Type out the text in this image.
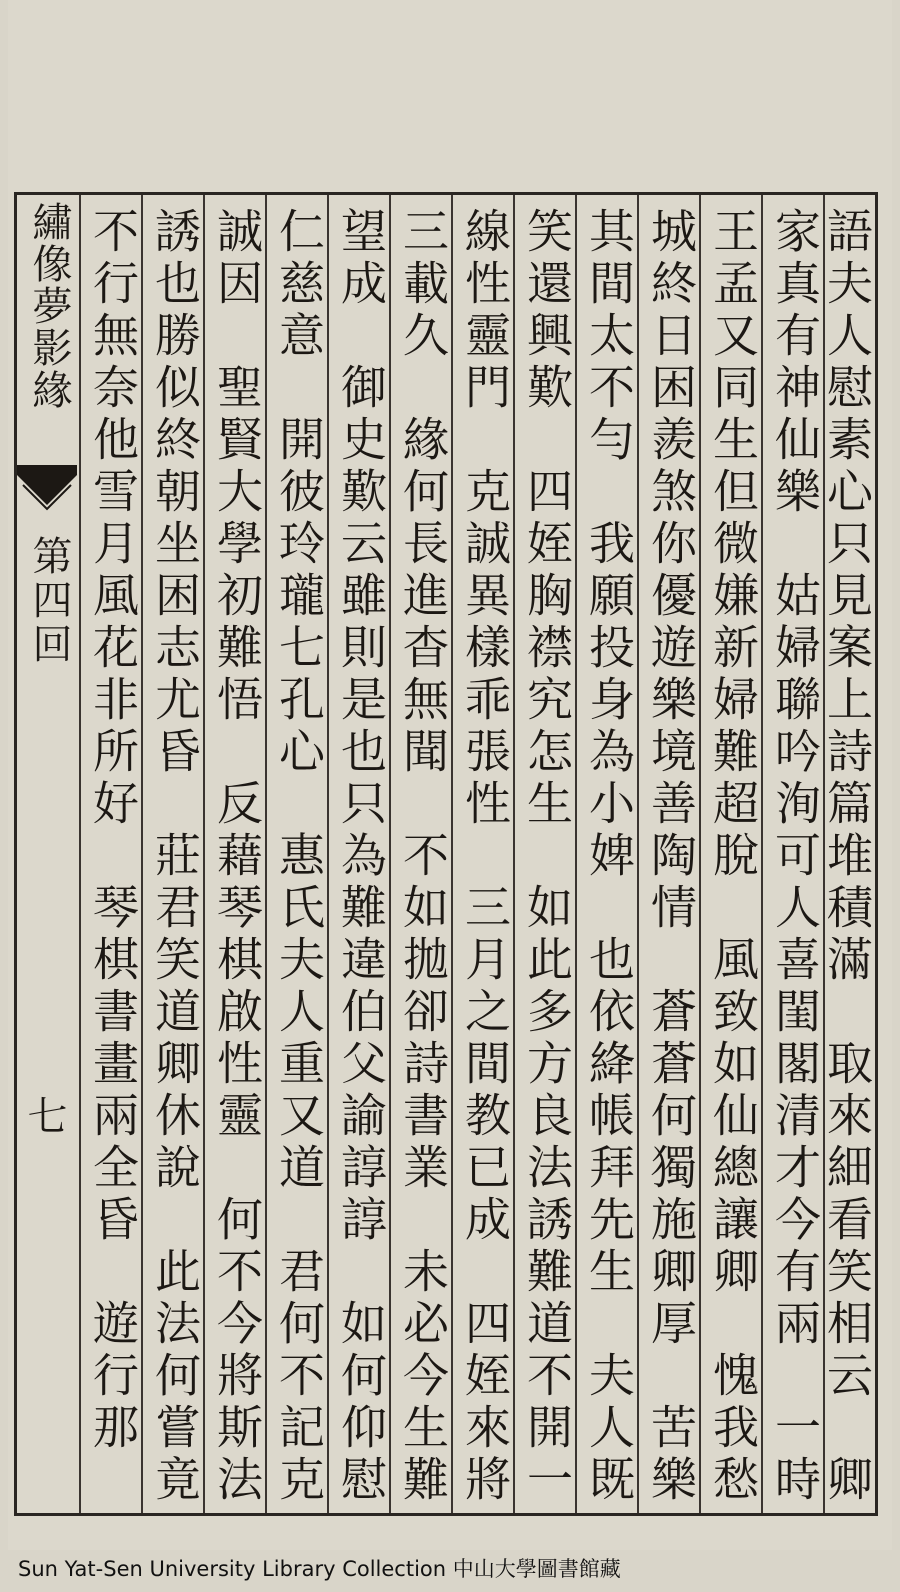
繡像夢影緣
第四回
七 不行無奈他雪月風花非所好　琴棋書畫兩全昏　遊行那 誘也勝似終朝坐困志尤昏　莊君笑道卿休說　此法何嘗竟 誠因　聖賢大學初難悟　反藉琴棋啟性靈　何不今將斯法 仁慈意　開彼玲瓏七孔心　惠氏夫人重又道　君何不記克 望成　御史歎云雖則是也只為難違伯父諭諄諄　如何仰慰 三載久　緣何長進杳無聞　不如拋卻詩書業　未必今生難 線性靈門　克誠異樣乖張性　三月之間教已成　四姪來將 笑還興歎　四姪胸襟究怎生　如此多方良法誘難道不開一 其間太不勻　我願投身為小婢　也依絳帳拜先生　夫人既 城終日困羨煞你優遊樂境善陶情　蒼蒼何獨施卿厚　苦樂 王孟又同生但微嫌新婦難超脫　風致如仙總讓卿　愧我愁 家真有神仙樂　姑婦聯吟洵可人喜閨閣清才今有兩　一時
語夫人慰素心只見案上詩篇堆積滿　取來細看笑相云　卿
Sun Yat-Sen University Library Collection 中山大學圖書館藏
